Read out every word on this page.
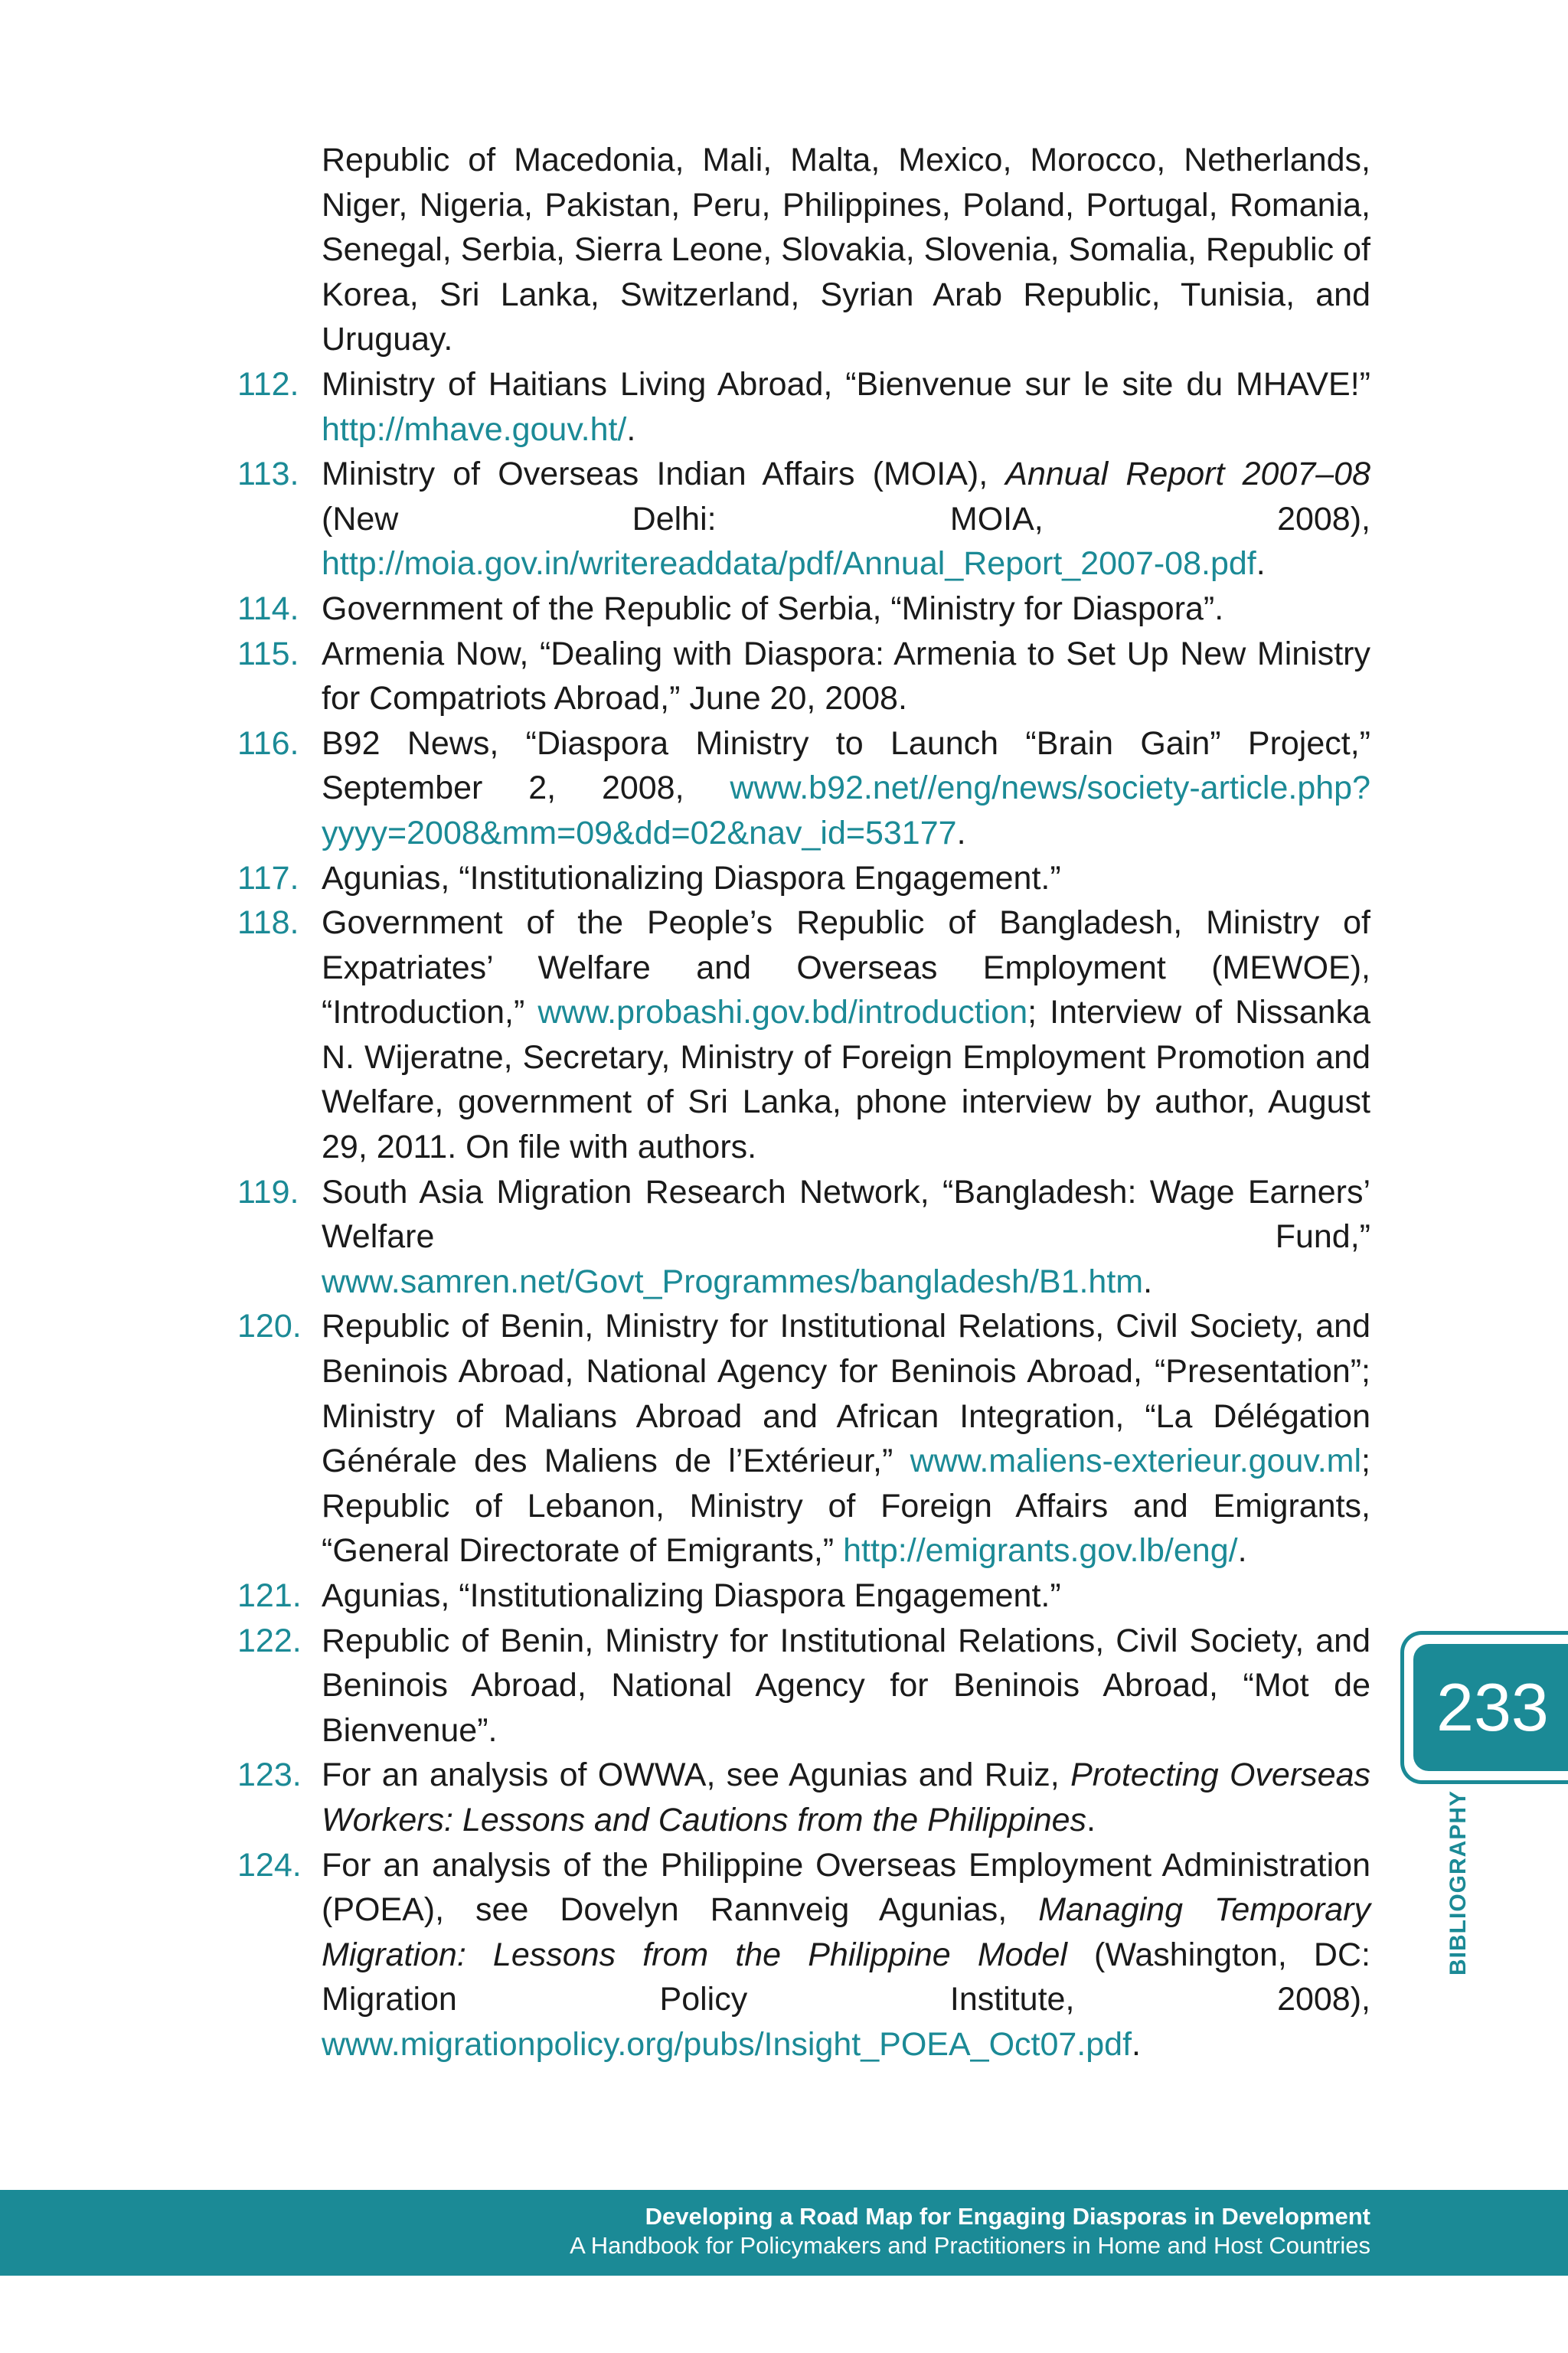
Republic of Macedonia, Mali, Malta, Mexico, Morocco, Netherlands, Niger, Nigeria, Pakistan, Peru, Philippines, Poland, Portugal, Romania, Senegal, Serbia, Sierra Leone, Slovakia, Slovenia, Somalia, Republic of Korea, Sri Lanka, Switzerland, Syrian Arab Republic, Tunisia, and Uruguay.
112. Ministry of Haitians Living Abroad, “Bienvenue sur le site du MHAVE!” http://mhave.gouv.ht/.
113. Ministry of Overseas Indian Affairs (MOIA), Annual Report 2007–08 (New Delhi: MOIA, 2008), http://moia.gov.in/writereaddata/pdf/Annual_Report_2007-08.pdf.
114. Government of the Republic of Serbia, “Ministry for Diaspora”.
115. Armenia Now, “Dealing with Diaspora: Armenia to Set Up New Ministry for Compatriots Abroad,” June 20, 2008.
116. B92 News, “Diaspora Ministry to Launch “Brain Gain” Project,” September 2, 2008, www.b92.net//eng/news/society-article.php?yyyy=2008&mm=09&dd=02&nav_id=53177.
117. Agunias, “Institutionalizing Diaspora Engagement.”
118. Government of the People’s Republic of Bangladesh, Ministry of Expatriates’ Welfare and Overseas Employment (MEWOE), “Introduction,” www.probashi.gov.bd/introduction; Interview of Nissanka N. Wijeratne, Secretary, Ministry of Foreign Employment Promotion and Welfare, government of Sri Lanka, phone interview by author, August 29, 2011. On file with authors.
119. South Asia Migration Research Network, “Bangladesh: Wage Earners’ Welfare Fund,” www.samren.net/Govt_Programmes/bangladesh/B1.htm.
120. Republic of Benin, Ministry for Institutional Relations, Civil Society, and Beninois Abroad, National Agency for Beninois Abroad, “Presentation”; Ministry of Malians Abroad and African Integration, “La Délégation Générale des Maliens de l’Extérieur,” www.maliens-exterieur.gouv.ml; Republic of Lebanon, Ministry of Foreign Affairs and Emigrants, “General Directorate of Emigrants,” http://emigrants.gov.lb/eng/.
121. Agunias, “Institutionalizing Diaspora Engagement.”
122. Republic of Benin, Ministry for Institutional Relations, Civil Society, and Beninois Abroad, National Agency for Beninois Abroad, “Mot de Bienvenue”.
123. For an analysis of OWWA, see Agunias and Ruiz, Protecting Overseas Workers: Lessons and Cautions from the Philippines.
124. For an analysis of the Philippine Overseas Employment Administration (POEA), see Dovelyn Rannveig Agunias, Managing Temporary Migration: Lessons from the Philippine Model (Washington, DC: Migration Policy Institute, 2008), www.migrationpolicy.org/pubs/Insight_POEA_Oct07.pdf.
233
BIBLIOGRAPHY
Developing a Road Map for Engaging Diasporas in Development
A Handbook for Policymakers and Practitioners in Home and Host Countries
